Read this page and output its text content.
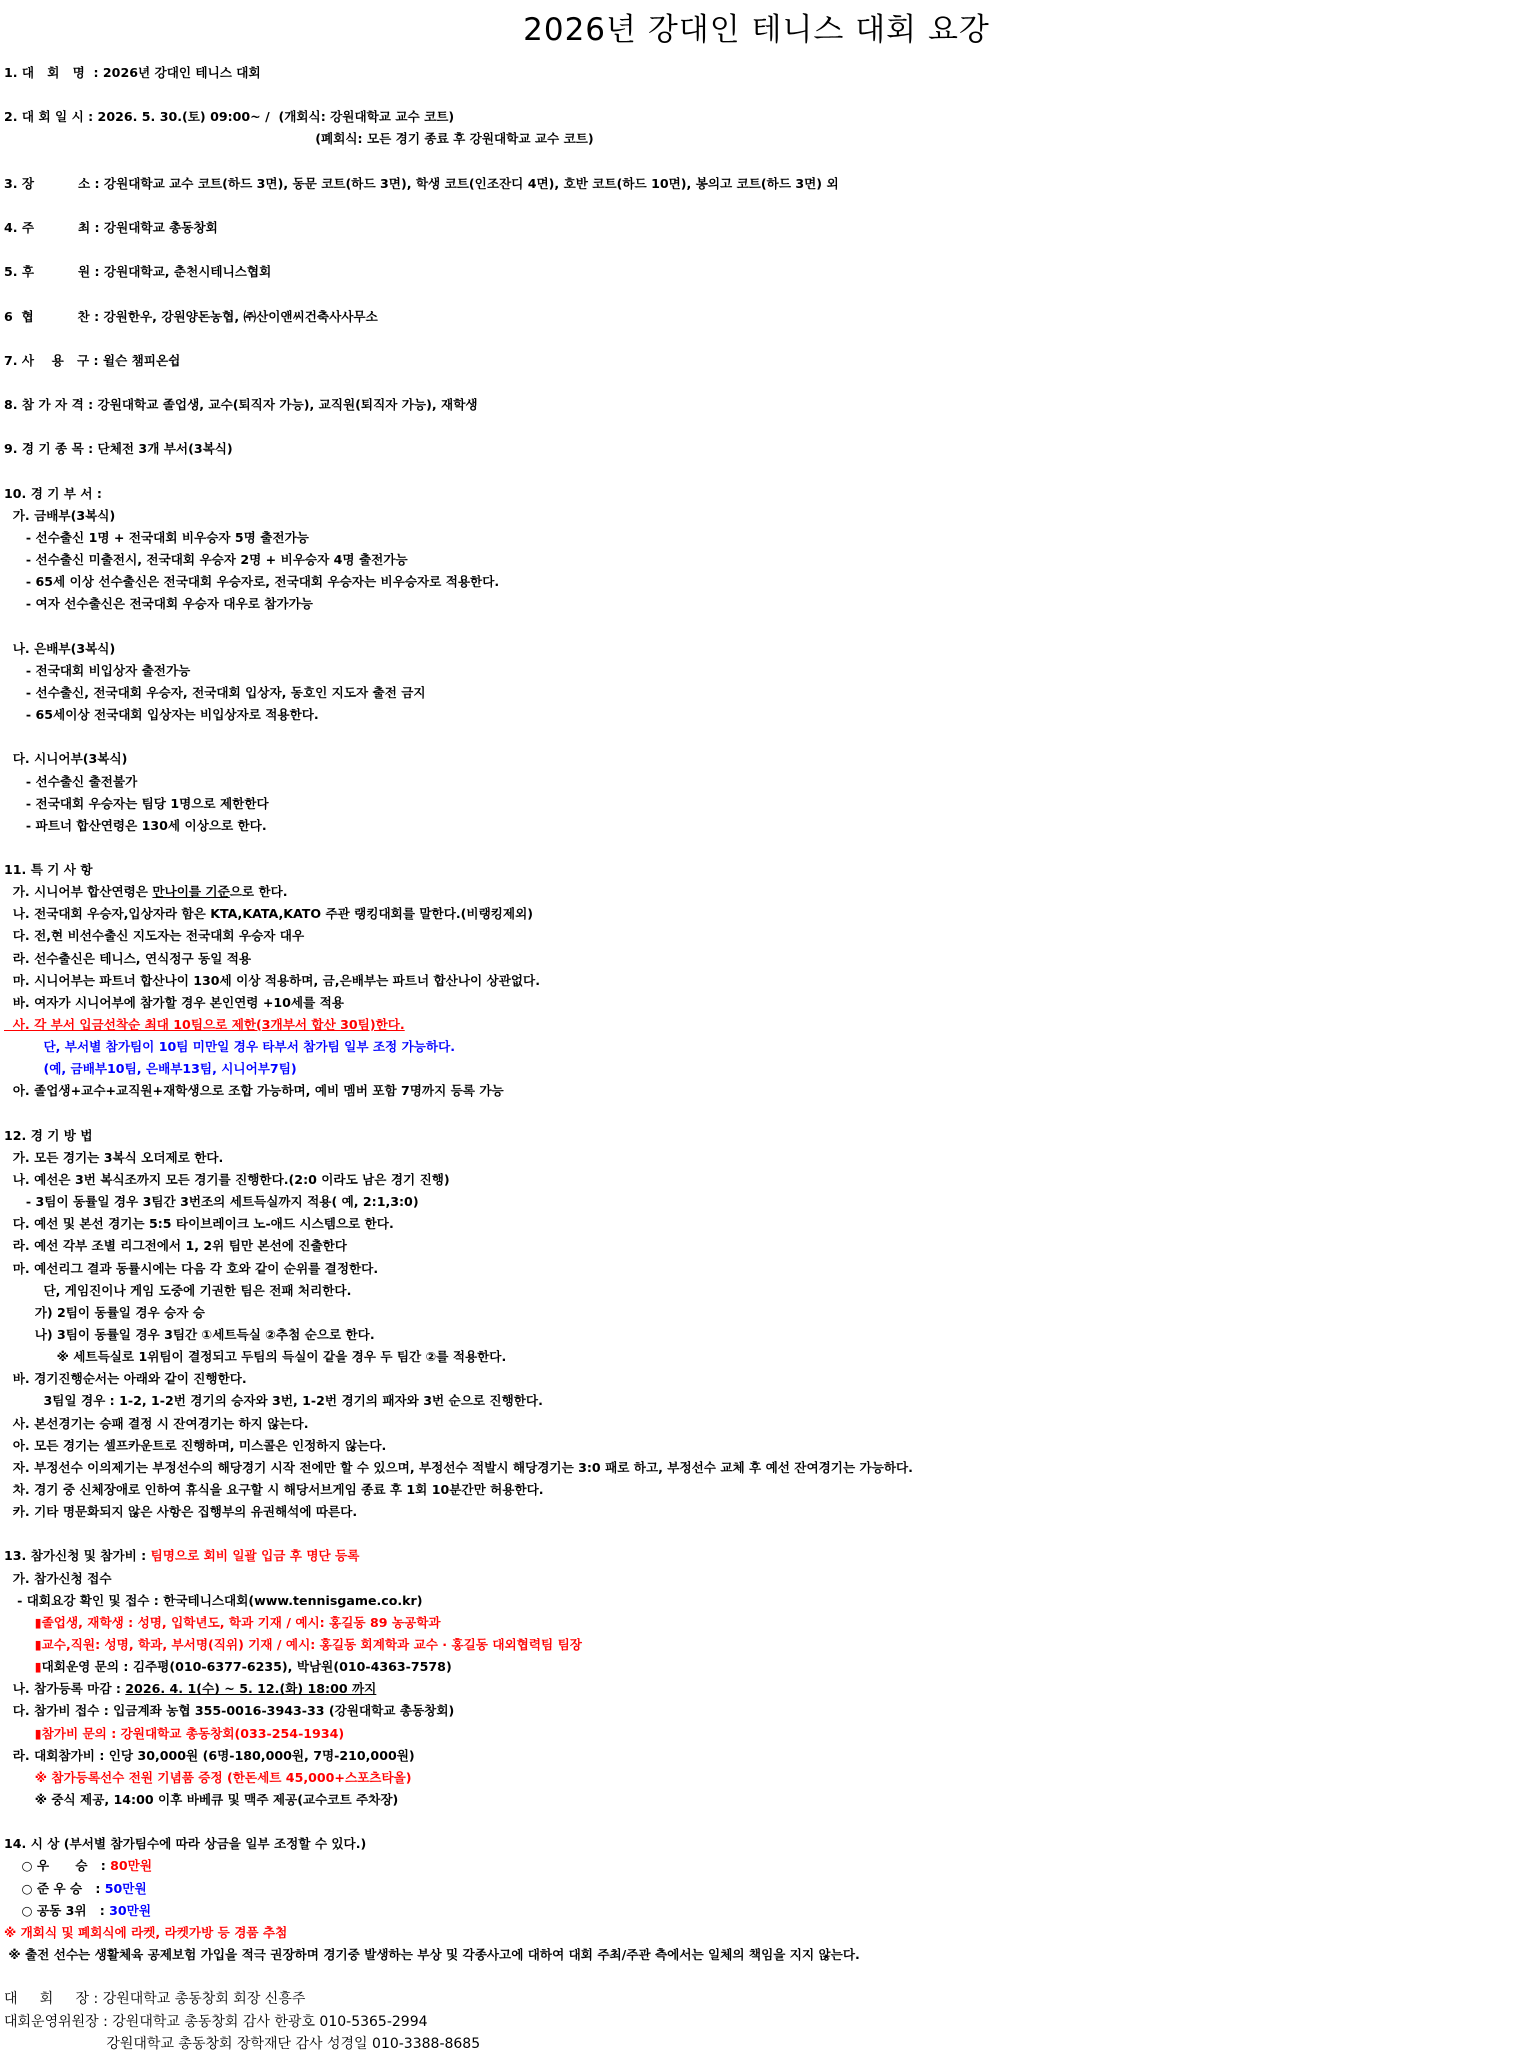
2026년 강대인 테니스 대회 요강
1. 대   회   명  : 2026년 강대인 테니스 대회
2. 대 회 일 시 : 2026. 5. 30.(토) 09:00~ /  (개회식: 강원대학교 교수 코트)
(폐회식: 모든 경기 종료 후 강원대학교 교수 코트)
3. 장          소 : 강원대학교 교수 코트(하드 3면), 동문 코트(하드 3면), 학생 코트(인조잔디 4면), 호반 코트(하드 10면), 봉의고 코트(하드 3면) 외
4. 주          최 : 강원대학교 총동창회
5. 후          원 : 강원대학교, 춘천시테니스협회
6  협          찬 : 강원한우, 강원양돈농협, ㈜산이앤씨건축사사무소
7. 사    용   구 : 윌슨 챔피온쉽
8. 참 가 자 격 : 강원대학교 졸업생, 교수(퇴직자 가능), 교직원(퇴직자 가능), 재학생
9. 경 기 종 목 : 단체전 3개 부서(3복식)
10. 경 기 부 서 :
가. 금배부(3복식)
- 선수출신 1명 + 전국대회 비우승자 5명 출전가능
- 선수출신 미출전시, 전국대회 우승자 2명 + 비우승자 4명 출전가능
- 65세 이상 선수출신은 전국대회 우승자로, 전국대회 우승자는 비우승자로 적용한다.
- 여자 선수출신은 전국대회 우승자 대우로 참가가능
나. 은배부(3복식)
- 전국대회 비입상자 출전가능
- 선수출신, 전국대회 우승자, 전국대회 입상자, 동호인 지도자 출전 금지
- 65세이상 전국대회 입상자는 비입상자로 적용한다.
다. 시니어부(3복식)
- 선수출신 출전불가
- 전국대회 우승자는 팀당 1명으로 제한한다
- 파트너 합산연령은 130세 이상으로 한다.
11. 특 기 사 항
가. 시니어부 합산연령은 만나이를 기준으로 한다.
나. 전국대회 우승자,입상자라 함은 KTA,KATA,KATO 주관 랭킹대회를 말한다.(비랭킹제외)
다. 전,현 비선수출신 지도자는 전국대회 우승자 대우
라. 선수출신은 테니스, 연식정구 동일 적용
마. 시니어부는 파트너 합산나이 130세 이상 적용하며, 금,은배부는 파트너 합산나이 상관없다.
바. 여자가 시니어부에 참가할 경우 본인연령 +10세를 적용
사. 각 부서 입금선착순 최대 10팀으로 제한(3개부서 합산 30팀)한다.
단, 부서별 참가팀이 10팀 미만일 경우 타부서 참가팀 일부 조정 가능하다.
(예, 금배부10팀, 은배부13팀, 시니어부7팀)
아. 졸업생+교수+교직원+재학생으로 조합 가능하며, 예비 멤버 포함 7명까지 등록 가능
12. 경 기 방 법
가. 모든 경기는 3복식 오더제로 한다.
나. 예선은 3번 복식조까지 모든 경기를 진행한다.(2:0 이라도 남은 경기 진행)
- 3팀이 동률일 경우 3팀간 3번조의 세트득실까지 적용( 예, 2:1,3:0)
다. 예선 및 본선 경기는 5:5 타이브레이크 노-애드 시스템으로 한다.
라. 예선 각부 조별 리그전에서 1, 2위 팀만 본선에 진출한다
마. 예선리그 결과 동률시에는 다음 각 호와 같이 순위를 결정한다.
단, 게임진이나 게임 도중에 기권한 팀은 전패 처리한다.
가) 2팀이 동률일 경우 승자 승
나) 3팀이 동률일 경우 3팀간 ①세트득실 ②추첨 순으로 한다.
※ 세트득실로 1위팀이 결정되고 두팀의 득실이 같을 경우 두 팀간 ②를 적용한다.
바. 경기진행순서는 아래와 같이 진행한다.
3팀일 경우 : 1-2, 1-2번 경기의 승자와 3번, 1-2번 경기의 패자와 3번 순으로 진행한다.
사. 본선경기는 승패 결정 시 잔여경기는 하지 않는다.
아. 모든 경기는 셀프카운트로 진행하며, 미스콜은 인정하지 않는다.
자. 부정선수 이의제기는 부정선수의 해당경기 시작 전에만 할 수 있으며, 부정선수 적발시 해당경기는 3:0 패로 하고, 부정선수 교체 후 예선 잔여경기는 가능하다.
차. 경기 중 신체장애로 인하여 휴식을 요구할 시 해당서브게임 종료 후 1회 10분간만 허용한다.
카. 기타 명문화되지 않은 사항은 집행부의 유권해석에 따른다.
13. 참가신청 및 참가비 : 팀명으로 회비 일괄 입금 후 명단 등록
가. 참가신청 접수
- 대회요강 확인 및 접수 : 한국테니스대회(www.tennisgame.co.kr)
▮졸업생, 재학생 : 성명, 입학년도, 학과 기재 / 예시: 홍길동 89 농공학과
▮교수,직원: 성명, 학과, 부서명(직위) 기재 / 예시: 홍길동 회계학과 교수 · 홍길동 대외협력팀 팀장
▮대회운영 문의 : 김주평(010-6377-6235), 박남원(010-4363-7578)
나. 참가등록 마감 : 2026. 4. 1(수) ~ 5. 12.(화) 18:00 까지
다. 참가비 접수 : 입금계좌 농협 355-0016-3943-33 (강원대학교 총동창회)
▮참가비 문의 : 강원대학교 총동창회(033-254-1934)
라. 대회참가비 : 인당 30,000원 (6명-180,000원, 7명-210,000원)
※ 참가등록선수 전원 기념품 증정 (한돈세트 45,000+스포츠타올)
※ 중식 제공, 14:00 이후 바베큐 및 맥주 제공(교수코트 주차장)
14. 시 상 (부서별 참가팀수에 따라 상금을 일부 조정할 수 있다.)
○ 우      승   : 80만원
○ 준 우 승   : 50만원
○ 공동 3위   : 30만원
※ 개회식 및 폐회식에 라켓, 라켓가방 등 경품 추첨
※ 출전 선수는 생활체육 공제보험 가입을 적극 권장하며 경기중 발생하는 부상 및 각종사고에 대하여 대회 주최/주관 측에서는 일체의 책임을 지지 않는다.
대     회     장 : 강원대학교 총동창회 회장 신흥주
대회운영위원장 : 강원대학교 총동창회 감사 한광호 010-5365-2994
강원대학교 총동창회 장학재단 감사 성경일 010-3388-8685
